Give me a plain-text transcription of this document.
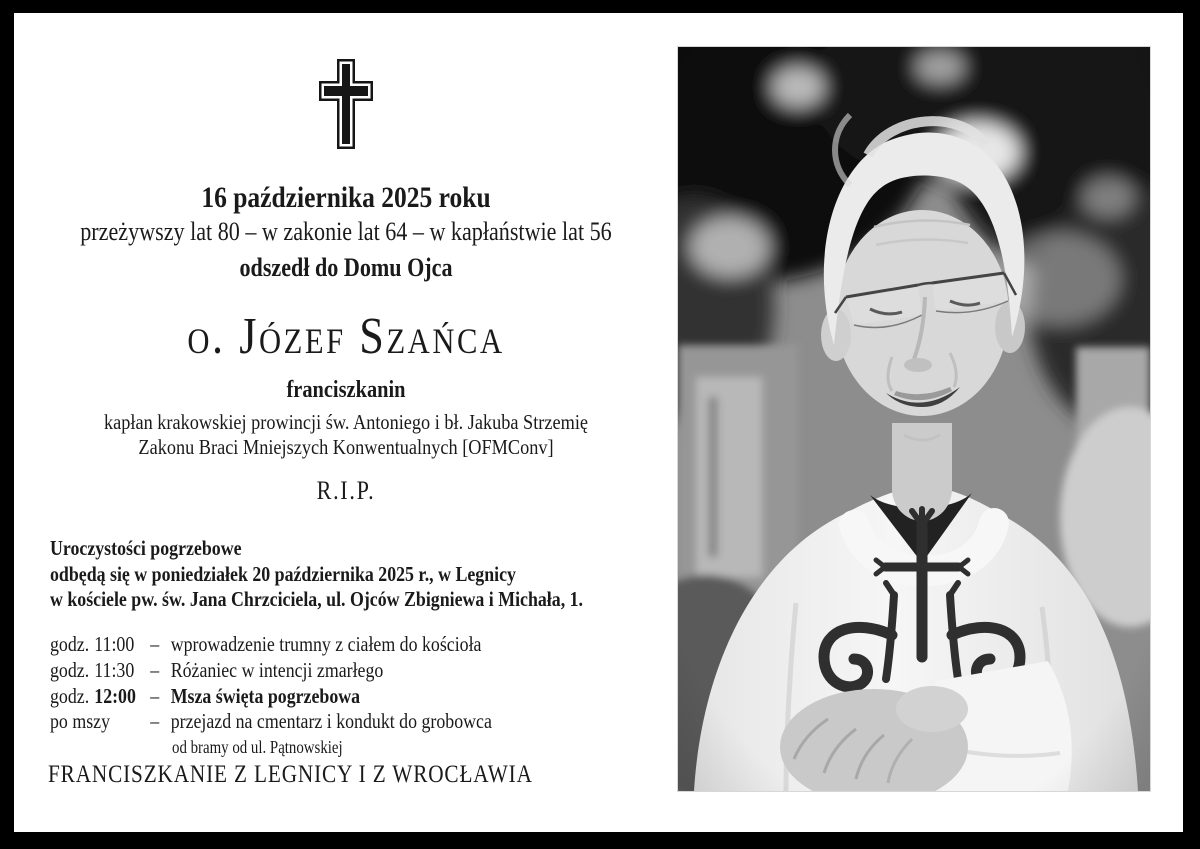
16 października 2025 roku
przeżywszy lat 80 – w zakonie lat 64 – w kapłaństwie lat 56
odszedł do Domu Ojca
o. Józef Szańca
franciszkanin
kapłan krakowskiej prowincji św. Antoniego i bł. Jakuba Strzemię
Zakonu Braci Mniejszych Konwentualnych [OFMConv]
R.I.P.
Uroczystości pogrzebowe
odbędą się w poniedziałek 20 października 2025 r., w Legnicy
w kościele pw. św. Jana Chrzciciela, ul. Ojców Zbigniewa i Michała, 1.
godz. 11:00 – wprowadzenie trumny z ciałem do kościoła
godz. 11:30 – Różaniec w intencji zmarłego
godz. 12:00 – Msza święta pogrzebowa
po mszy	– przejazd na cmentarz i kondukt do grobowca
od bramy od ul. Pątnowskiej
FRANCISZKANIE Z LEGNICY I Z WROCŁAWIA
